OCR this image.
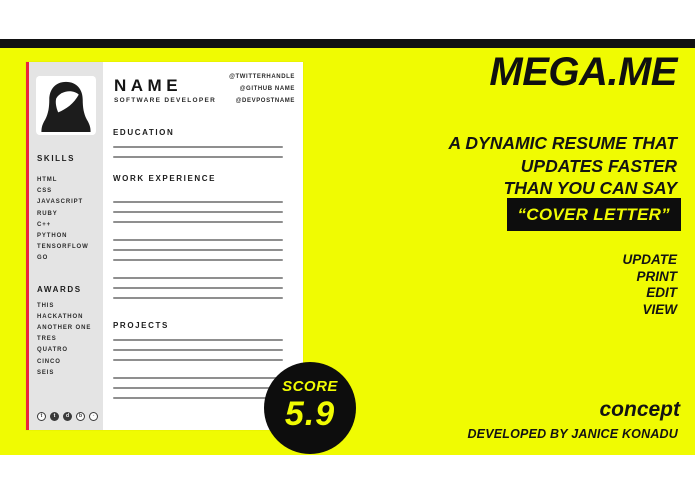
SKILLS
HTML
CSS
JAVASCRIPT
RUBY
C++
PYTHON
TENSORFLOW
GO
AWARDS
THIS HACKATHON
ANOTHER ONE
TRES
QUATRO
CINCO
SEIS
t	t	d	b	◦
NAME
SOFTWARE DEVELOPER
@TWITTERHANDLE
@GITHUB NAME
@DEVPOSTNAME
EDUCATION
WORK EXPERIENCE
PROJECTS
SCORE
5.9
MEGA.ME
A DYNAMIC RESUME THAT
UPDATES FASTER
THAN YOU CAN SAY
“COVER LETTER”
UPDATE
PRINT
EDIT
VIEW
concept
DEVELOPED BY JANICE KONADU
